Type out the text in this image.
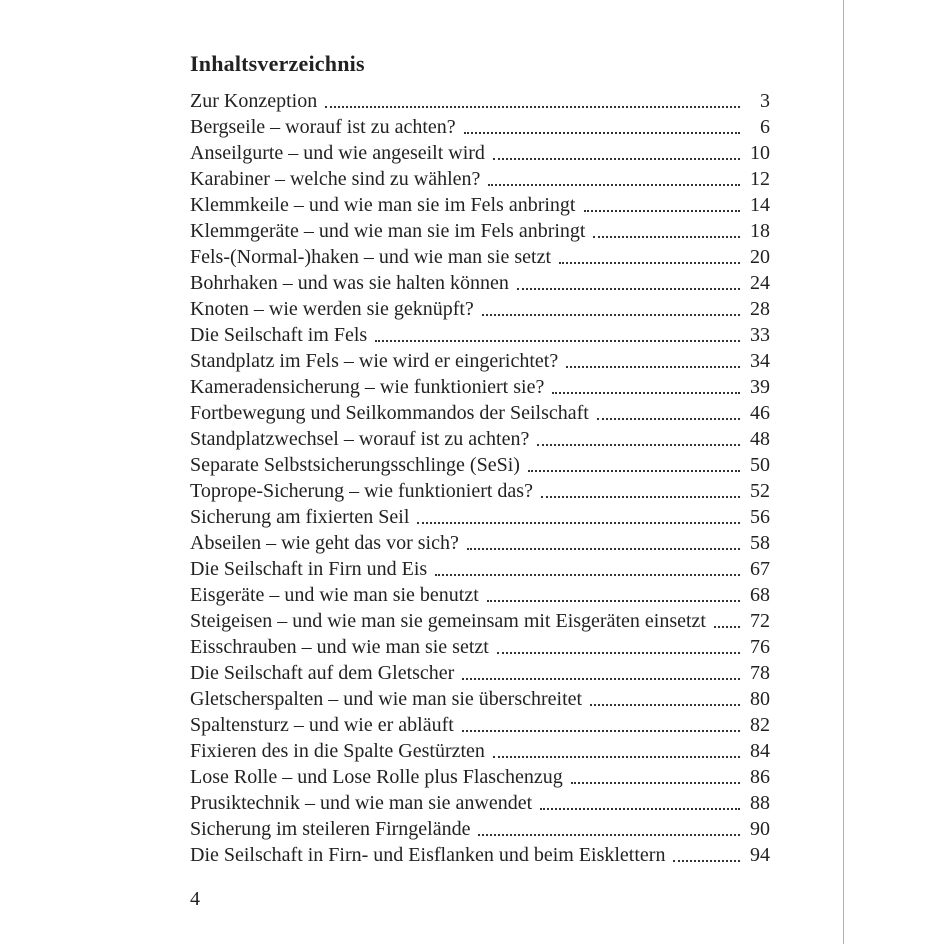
Inhaltsverzeichnis
Zur Konzeption	3
Bergseile – worauf ist zu achten?	6
Anseilgurte – und wie angeseilt wird	10
Karabiner – welche sind zu wählen?	12
Klemmkeile – und wie man sie im Fels anbringt	14
Klemmgeräte – und wie man sie im Fels anbringt	18
Fels-(Normal-)haken – und wie man sie setzt	20
Bohrhaken – und was sie halten können	24
Knoten – wie werden sie geknüpft?	28
Die Seilschaft im Fels	33
Standplatz im Fels – wie wird er eingerichtet?	34
Kameradensicherung – wie funktioniert sie?	39
Fortbewegung und Seilkommandos der Seilschaft	46
Standplatzwechsel – worauf ist zu achten?	48
Separate Selbstsicherungsschlinge (SeSi)	50
Toprope-Sicherung – wie funktioniert das?	52
Sicherung am fixierten Seil	56
Abseilen – wie geht das vor sich?	58
Die Seilschaft in Firn und Eis	67
Eisgeräte – und wie man sie benutzt	68
Steigeisen – und wie man sie gemeinsam mit Eisgeräten einsetzt	72
Eisschrauben – und wie man sie setzt	76
Die Seilschaft auf dem Gletscher	78
Gletscherspalten – und wie man sie überschreitet	80
Spaltensturz – und wie er abläuft	82
Fixieren des in die Spalte Gestürzten	84
Lose Rolle – und Lose Rolle plus Flaschenzug	86
Prusiktechnik – und wie man sie anwendet	88
Sicherung im steileren Firngelände	90
Die Seilschaft in Firn- und Eisflanken und beim Eisklettern	94
4
